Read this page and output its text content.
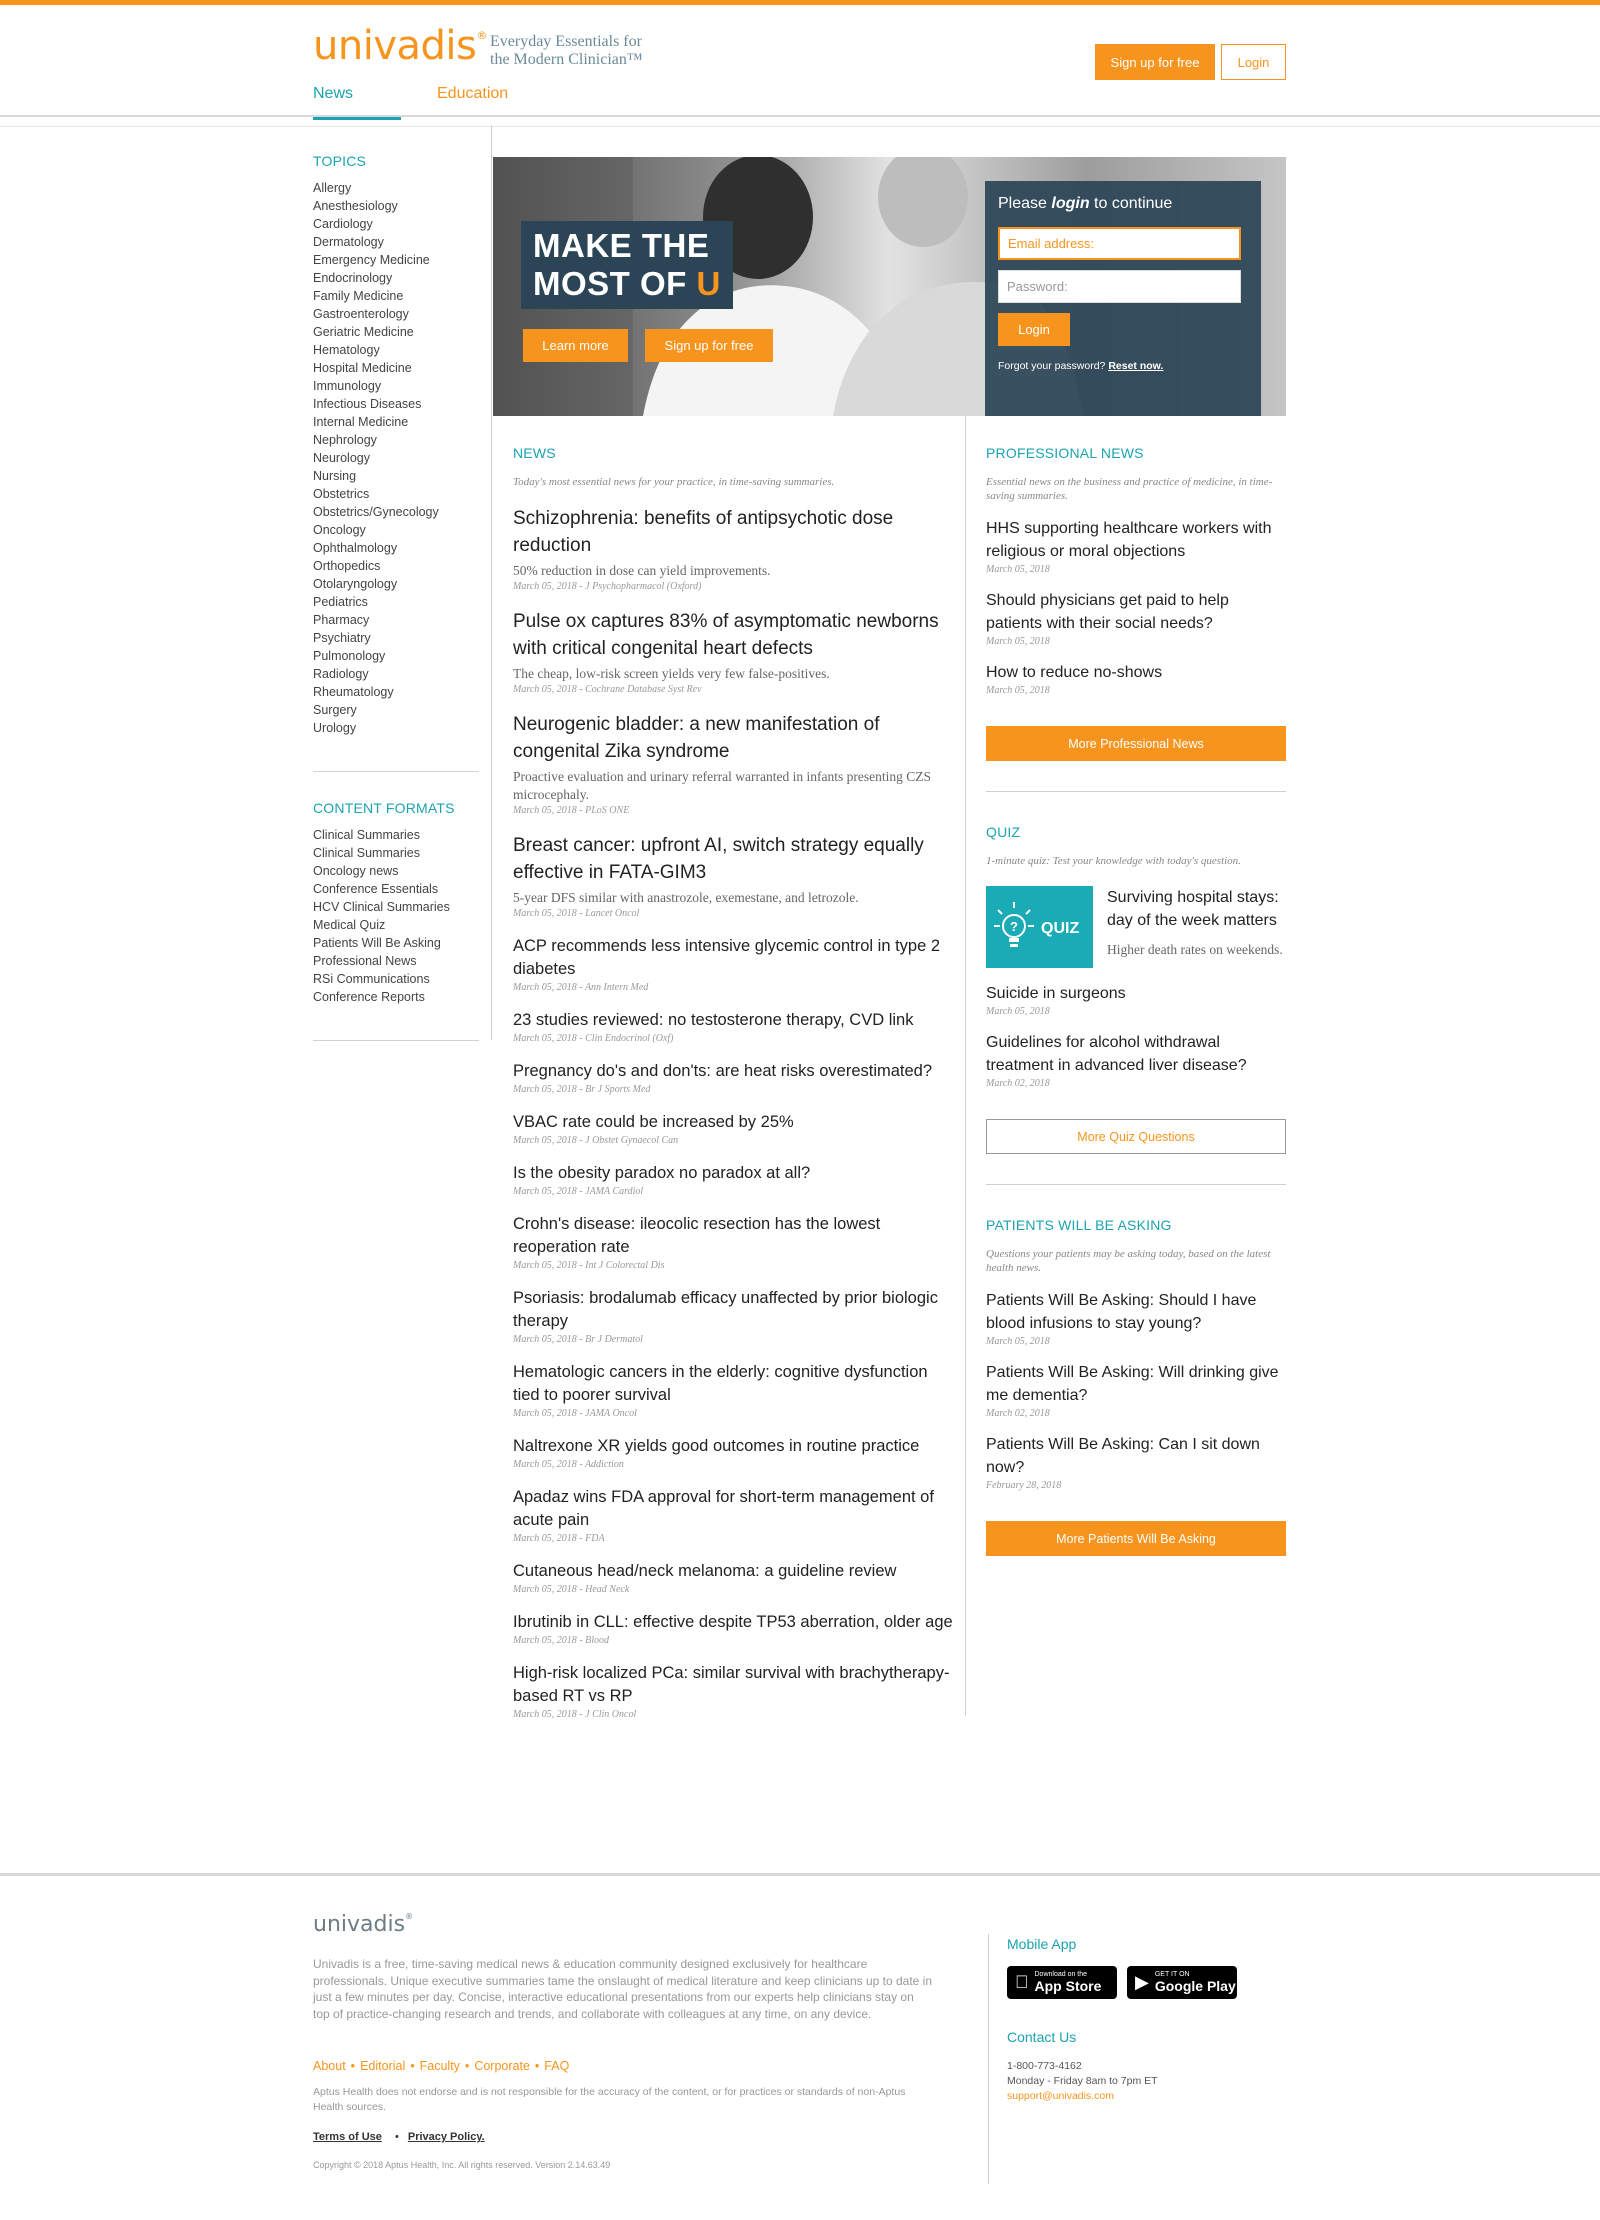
univadis® Everyday Essentials for
the Modern Clinician™	Sign up for free	Login
News	Education
TOPICS
Allergy
Anesthesiology
Cardiology
Dermatology
Emergency Medicine
Endocrinology
Family Medicine
Gastroenterology
Geriatric Medicine
Hematology
Hospital Medicine
Immunology
Infectious Diseases
Internal Medicine
Nephrology
Neurology
Nursing
Obstetrics
Obstetrics/Gynecology
Oncology
Ophthalmology
Orthopedics
Otolaryngology
Pediatrics
Pharmacy
Psychiatry
Pulmonology
Radiology
Rheumatology
Surgery
Urology
CONTENT FORMATS
Clinical Summaries
Clinical Summaries
Oncology news
Conference Essentials
HCV Clinical Summaries
Medical Quiz
Patients Will Be Asking
Professional News
RSi Communications
Conference Reports
MAKE THE
MOST OF U
Learn more	Sign up for free
Please login to continue
Email address:
Login
Forgot your password? Reset now.
NEWS
Today's most essential news for your practice, in time-saving summaries.
Schizophrenia: benefits of antipsychotic dose reduction
50% reduction in dose can yield improvements.
March 05, 2018 - J Psychopharmacol (Oxford)
Pulse ox captures 83% of asymptomatic newborns with critical congenital heart defects
The cheap, low-risk screen yields very few false-positives.
March 05, 2018 - Cochrane Database Syst Rev
Neurogenic bladder: a new manifestation of congenital Zika syndrome
Proactive evaluation and urinary referral warranted in infants presenting CZS microcephaly.
March 05, 2018 - PLoS ONE
Breast cancer: upfront AI, switch strategy equally effective in FATA-GIM3
5-year DFS similar with anastrozole, exemestane, and letrozole.
March 05, 2018 - Lancet Oncol
ACP recommends less intensive glycemic control in type 2 diabetes
March 05, 2018 - Ann Intern Med
23 studies reviewed: no testosterone therapy, CVD link
March 05, 2018 - Clin Endocrinol (Oxf)
Pregnancy do's and don'ts: are heat risks overestimated?
March 05, 2018 - Br J Sports Med
VBAC rate could be increased by 25%
March 05, 2018 - J Obstet Gynaecol Can
Is the obesity paradox no paradox at all?
March 05, 2018 - JAMA Cardiol
Crohn's disease: ileocolic resection has the lowest reoperation rate
March 05, 2018 - Int J Colorectal Dis
Psoriasis: brodalumab efficacy unaffected by prior biologic therapy
March 05, 2018 - Br J Dermatol
Hematologic cancers in the elderly: cognitive dysfunction tied to poorer survival
March 05, 2018 - JAMA Oncol
Naltrexone XR yields good outcomes in routine practice
March 05, 2018 - Addiction
Apadaz wins FDA approval for short-term management of acute pain
March 05, 2018 - FDA
Cutaneous head/neck melanoma: a guideline review
March 05, 2018 - Head Neck
Ibrutinib in CLL: effective despite TP53 aberration, older age
March 05, 2018 - Blood
High-risk localized PCa: similar survival with brachytherapy-based RT vs RP
March 05, 2018 - J Clin Oncol
PROFESSIONAL NEWS
Essential news on the business and practice of medicine, in time-saving summaries.
HHS supporting healthcare workers with religious or moral objections
March 05, 2018
Should physicians get paid to help patients with their social needs?
March 05, 2018
How to reduce no-shows
March 05, 2018
More Professional News
QUIZ
1-minute quiz: Test your knowledge with today's question.
? QUIZ
Surviving hospital stays: day of the week matters
Higher death rates on weekends.
Suicide in surgeons
March 05, 2018
Guidelines for alcohol withdrawal treatment in advanced liver disease?
March 02, 2018
More Quiz Questions
PATIENTS WILL BE ASKING
Questions your patients may be asking today, based on the latest health news.
Patients Will Be Asking: Should I have blood infusions to stay young?
March 05, 2018
Patients Will Be Asking: Will drinking give me dementia?
March 02, 2018
Patients Will Be Asking: Can I sit down now?
February 28, 2018
More Patients Will Be Asking
univadis®
Univadis is a free, time-saving medical news & education community designed exclusively for healthcare professionals. Unique executive summaries tame the onslaught of medical literature and keep clinicians up to date in just a few minutes per day. Concise, interactive educational presentations from our experts help clinicians stay on top of practice-changing research and trends, and collaborate with colleagues at any time, on any device.
About • Editorial • Faculty • Corporate • FAQ
Aptus Health does not endorse and is not responsible for the accuracy of the content, or for practices or standards of non-Aptus Health sources.
Terms of Use • Privacy Policy.
Copyright © 2018 Aptus Health, Inc. All rights reserved. Version 2.14.63.49
Mobile App
Download on the
App Store	▶ GET IT ON
Google Play
Contact Us
1-800-773-4162
Monday - Friday 8am to 7pm ET
support@univadis.com
